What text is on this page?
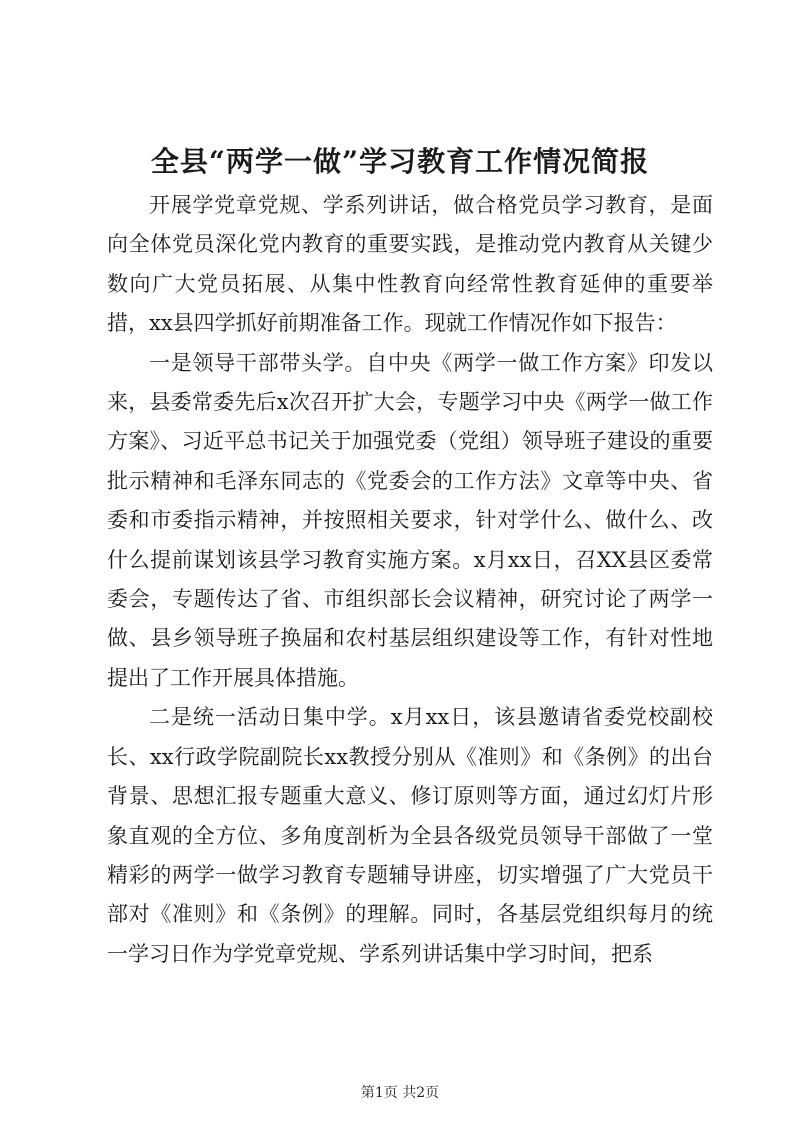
全县“两学一做”学习教育工作情况简报

开展学党章党规、学系列讲话，做合格党员学习教育，是面向全体党员深化党内教育的重要实践，是推动党内教育从关键少数向广大党员拓展、从集中性教育向经常性教育延伸的重要举措，xx县四学抓好前期准备工作。现就工作情况作如下报告：

一是领导干部带头学。自中央《两学一做工作方案》印发以来，县委常委先后x次召开扩大会，专题学习中央《两学一做工作方案》、习近平总书记关于加强党委（党组）领导班子建设的重要批示精神和毛泽东同志的《党委会的工作方法》文章等中央、省委和市委指示精神，并按照相关要求，针对学什么、做什么、改什么提前谋划该县学习教育实施方案。x月xx日，召XX县区委常委会，专题传达了省、市组织部长会议精神，研究讨论了两学一做、县乡领导班子换届和农村基层组织建设等工作，有针对性地提出了工作开展具体措施。

二是统一活动日集中学。x月xx日，该县邀请省委党校副校长、xx行政学院副院长xx教授分别从《准则》和《条例》的出台背景、思想汇报专题重大意义、修订原则等方面，通过幻灯片形象直观的全方位、多角度剖析为全县各级党员领导干部做了一堂精彩的两学一做学习教育专题辅导讲座，切实增强了广大党员干部对《准则》和《条例》的理解。同时，各基层党组织每月的统一学习日作为学党章党规、学系列讲话集中学习时间，把系

第1页 共2页
